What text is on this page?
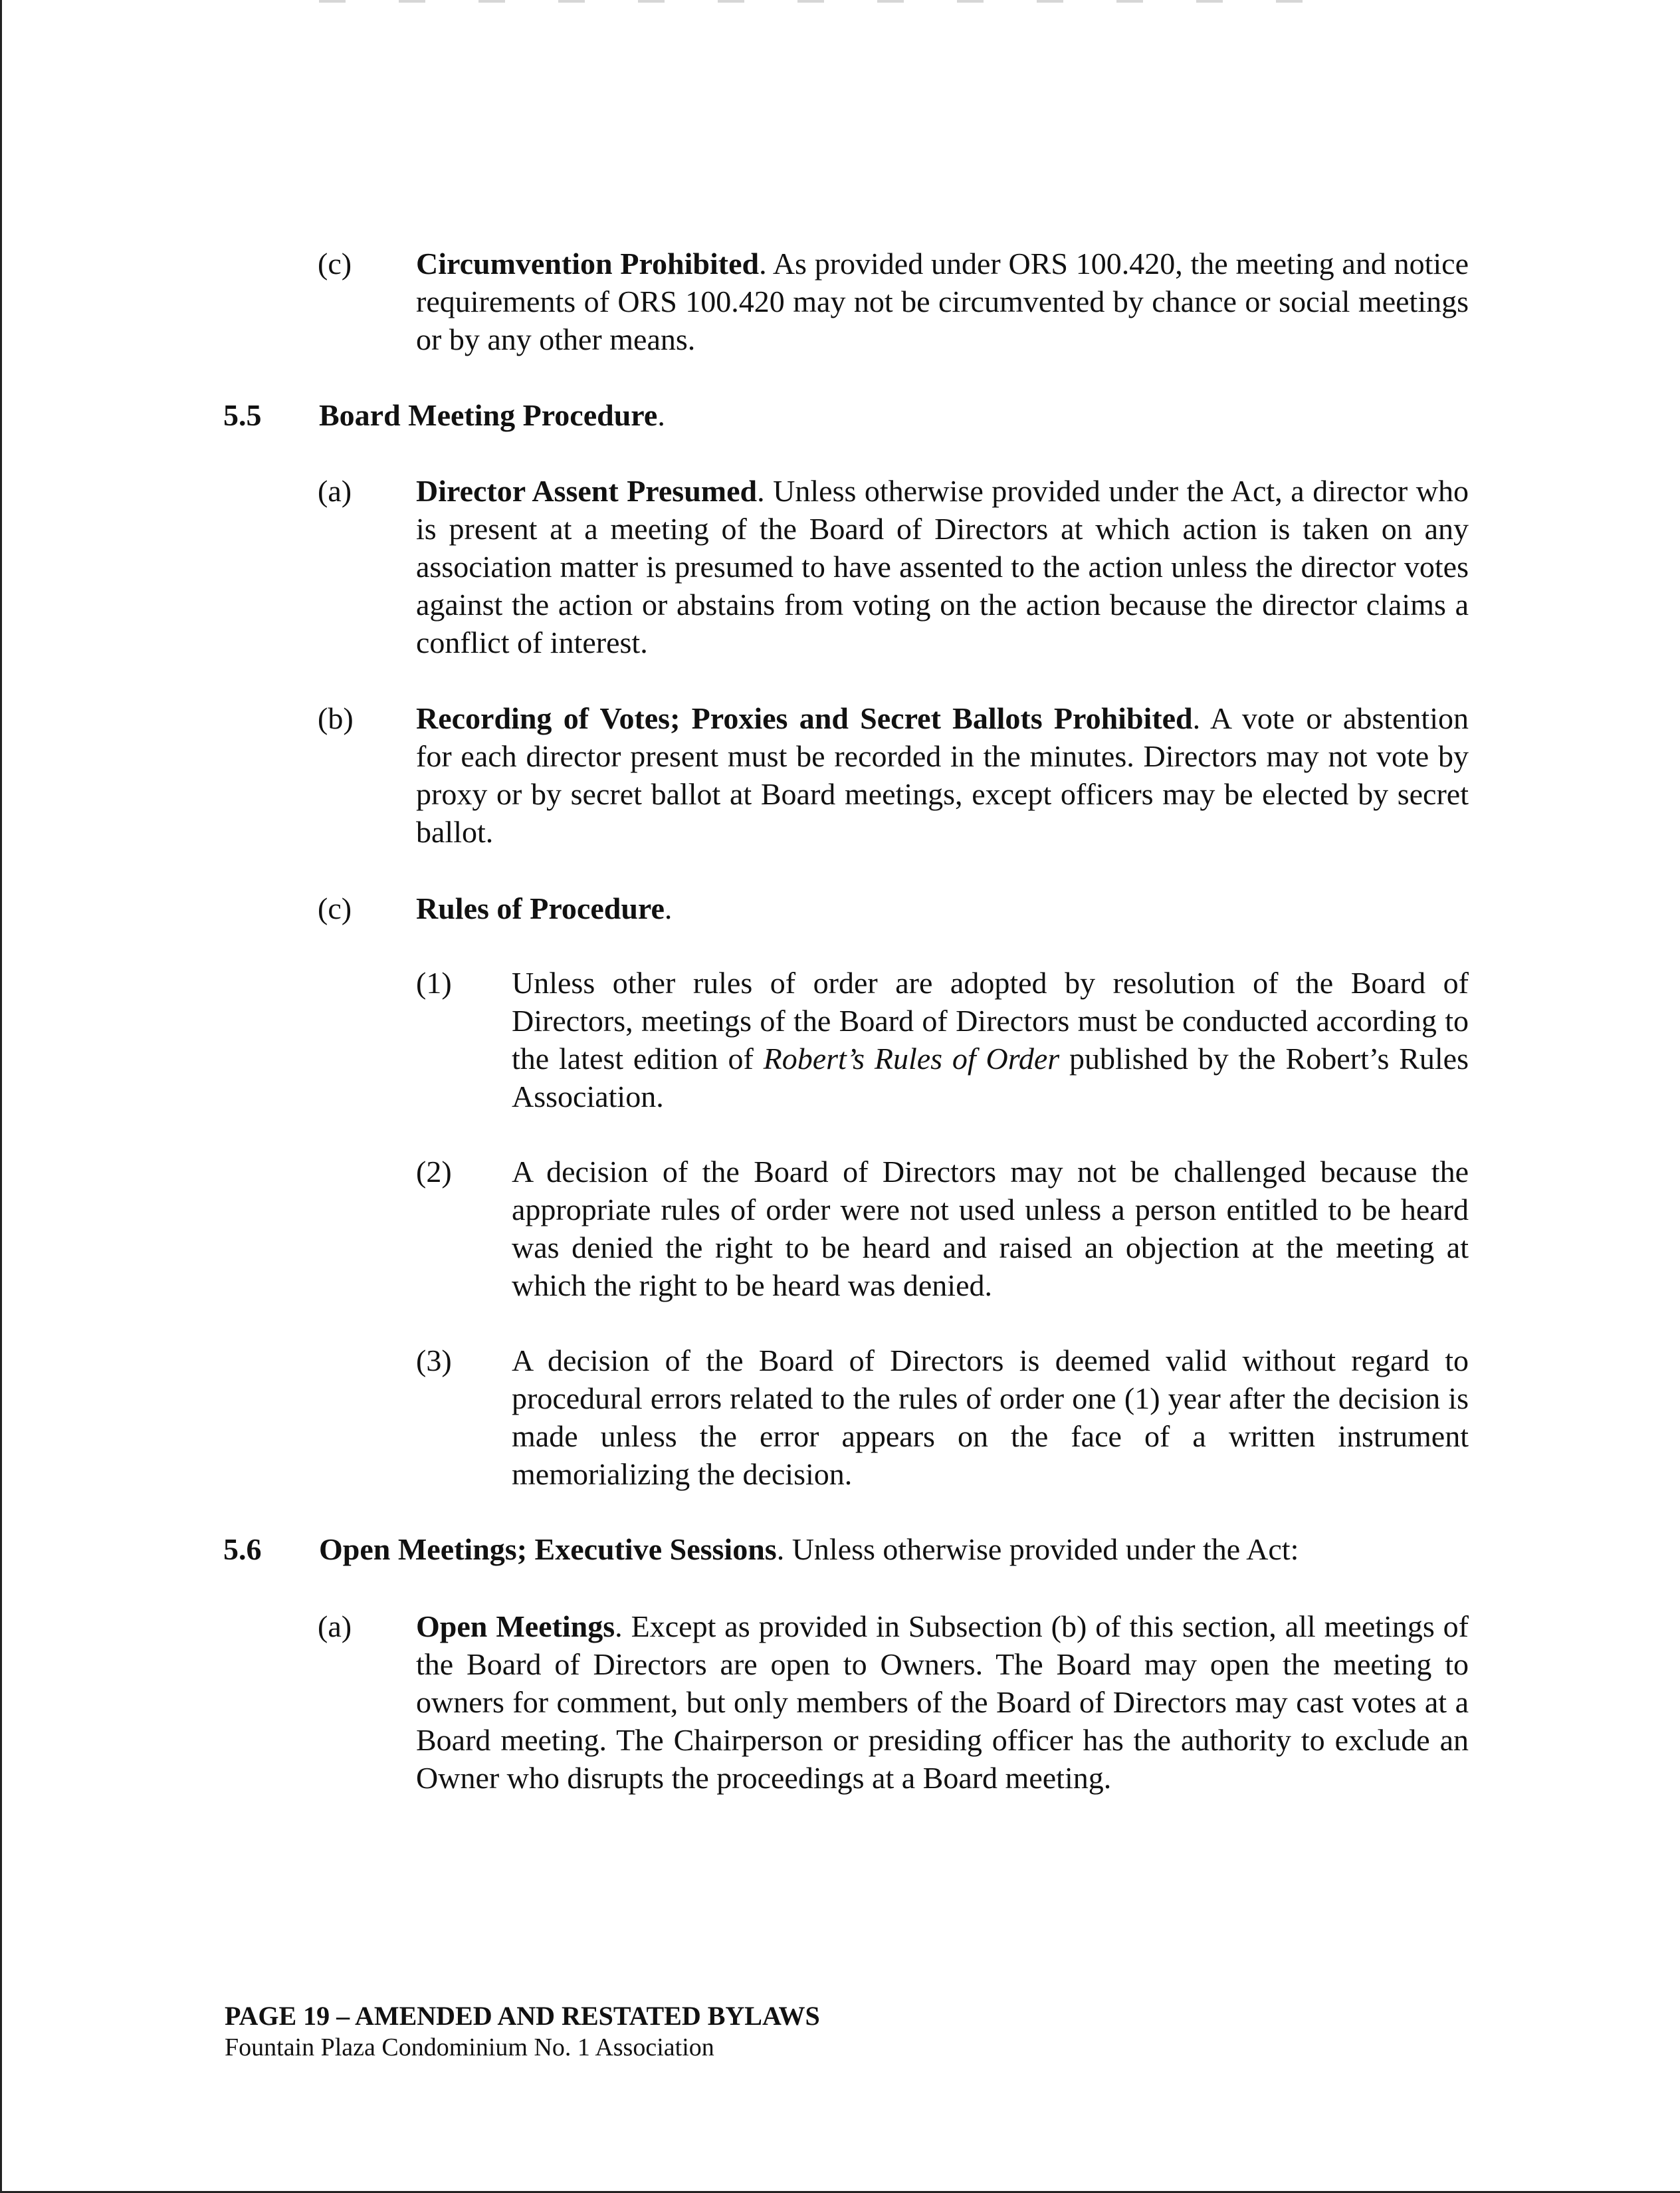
(c) Circumvention Prohibited. As provided under ORS 100.420, the meeting and notice requirements of ORS 100.420 may not be circumvented by chance or social meetings or by any other means.
5.5 Board Meeting Procedure.
(a) Director Assent Presumed. Unless otherwise provided under the Act, a director who is present at a meeting of the Board of Directors at which action is taken on any association matter is presumed to have assented to the action unless the director votes against the action or abstains from voting on the action because the director claims a conflict of interest.
(b) Recording of Votes; Proxies and Secret Ballots Prohibited. A vote or abstention for each director present must be recorded in the minutes. Directors may not vote by proxy or by secret ballot at Board meetings, except officers may be elected by secret ballot.
(c) Rules of Procedure.
(1) Unless other rules of order are adopted by resolution of the Board of Directors, meetings of the Board of Directors must be conducted according to the latest edition of Robert’s Rules of Order published by the Robert’s Rules Association.
(2) A decision of the Board of Directors may not be challenged because the appropriate rules of order were not used unless a person entitled to be heard was denied the right to be heard and raised an objection at the meeting at which the right to be heard was denied.
(3) A decision of the Board of Directors is deemed valid without regard to procedural errors related to the rules of order one (1) year after the decision is made unless the error appears on the face of a written instrument memorializing the decision.
5.6 Open Meetings; Executive Sessions. Unless otherwise provided under the Act:
(a) Open Meetings. Except as provided in Subsection (b) of this section, all meetings of the Board of Directors are open to Owners. The Board may open the meeting to owners for comment, but only members of the Board of Directors may cast votes at a Board meeting. The Chairperson or presiding officer has the authority to exclude an Owner who disrupts the proceedings at a Board meeting.
PAGE 19 – AMENDED AND RESTATED BYLAWS
Fountain Plaza Condominium No. 1 Association
